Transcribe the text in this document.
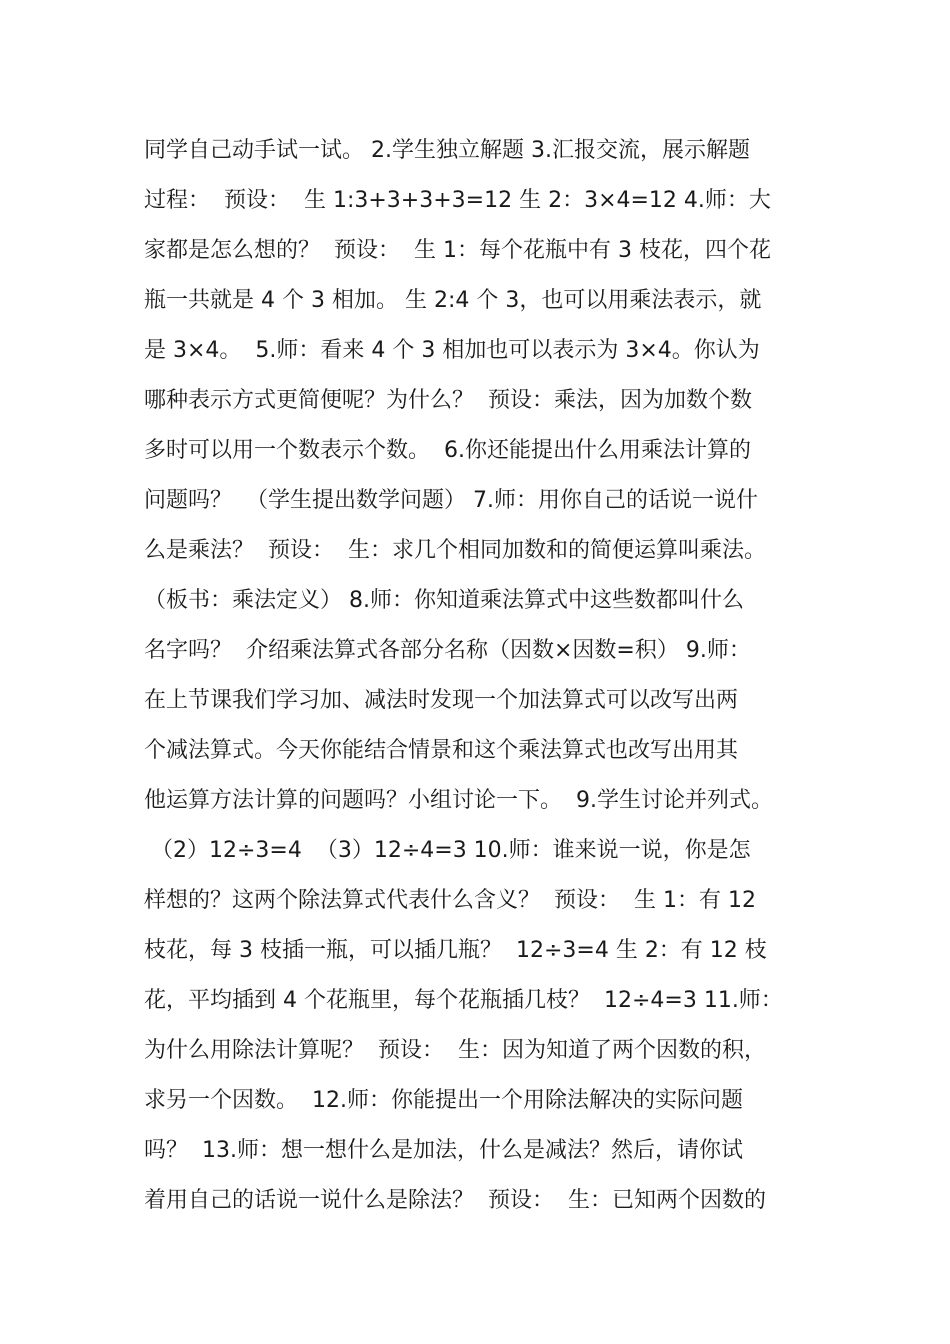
同学自己动手试一试。 2.学生独立解题 3.汇报交流，展示解题
过程：  预设：  生 1:3+3+3+3=12 生 2：3×4=12 4.师：大
家都是怎么想的？  预设：  生 1：每个花瓶中有 3 枝花，四个花
瓶一共就是 4 个 3 相加。 生 2:4 个 3，也可以用乘法表示，就
是 3×4。  5.师：看来 4 个 3 相加也可以表示为 3×4。你认为
哪种表示方式更简便呢？为什么？  预设：乘法，因为加数个数
多时可以用一个数表示个数。  6.你还能提出什么用乘法计算的
问题吗？  （学生提出数学问题） 7.师：用你自己的话说一说什
么是乘法？  预设：  生：求几个相同加数和的简便运算叫乘法。
（板书：乘法定义） 8.师：你知道乘法算式中这些数都叫什么
名字吗？  介绍乘法算式各部分名称（因数×因数=积） 9.师：
在上节课我们学习加、减法时发现一个加法算式可以改写出两
个减法算式。今天你能结合情景和这个乘法算式也改写出用其
他运算方法计算的问题吗？小组讨论一下。  9.学生讨论并列式。
（2）12÷3=4  （3）12÷4=3 10.师：谁来说一说，你是怎
样想的？这两个除法算式代表什么含义？  预设：  生 1：有 12
枝花，每 3 枝插一瓶，可以插几瓶？  12÷3=4 生 2：有 12 枝
花，平均插到 4 个花瓶里，每个花瓶插几枝？  12÷4=3 11.师：
为什么用除法计算呢？  预设：  生：因为知道了两个因数的积，
求另一个因数。  12.师：你能提出一个用除法解决的实际问题
吗？  13.师：想一想什么是加法，什么是减法？然后，请你试
着用自己的话说一说什么是除法？  预设：  生：已知两个因数的
